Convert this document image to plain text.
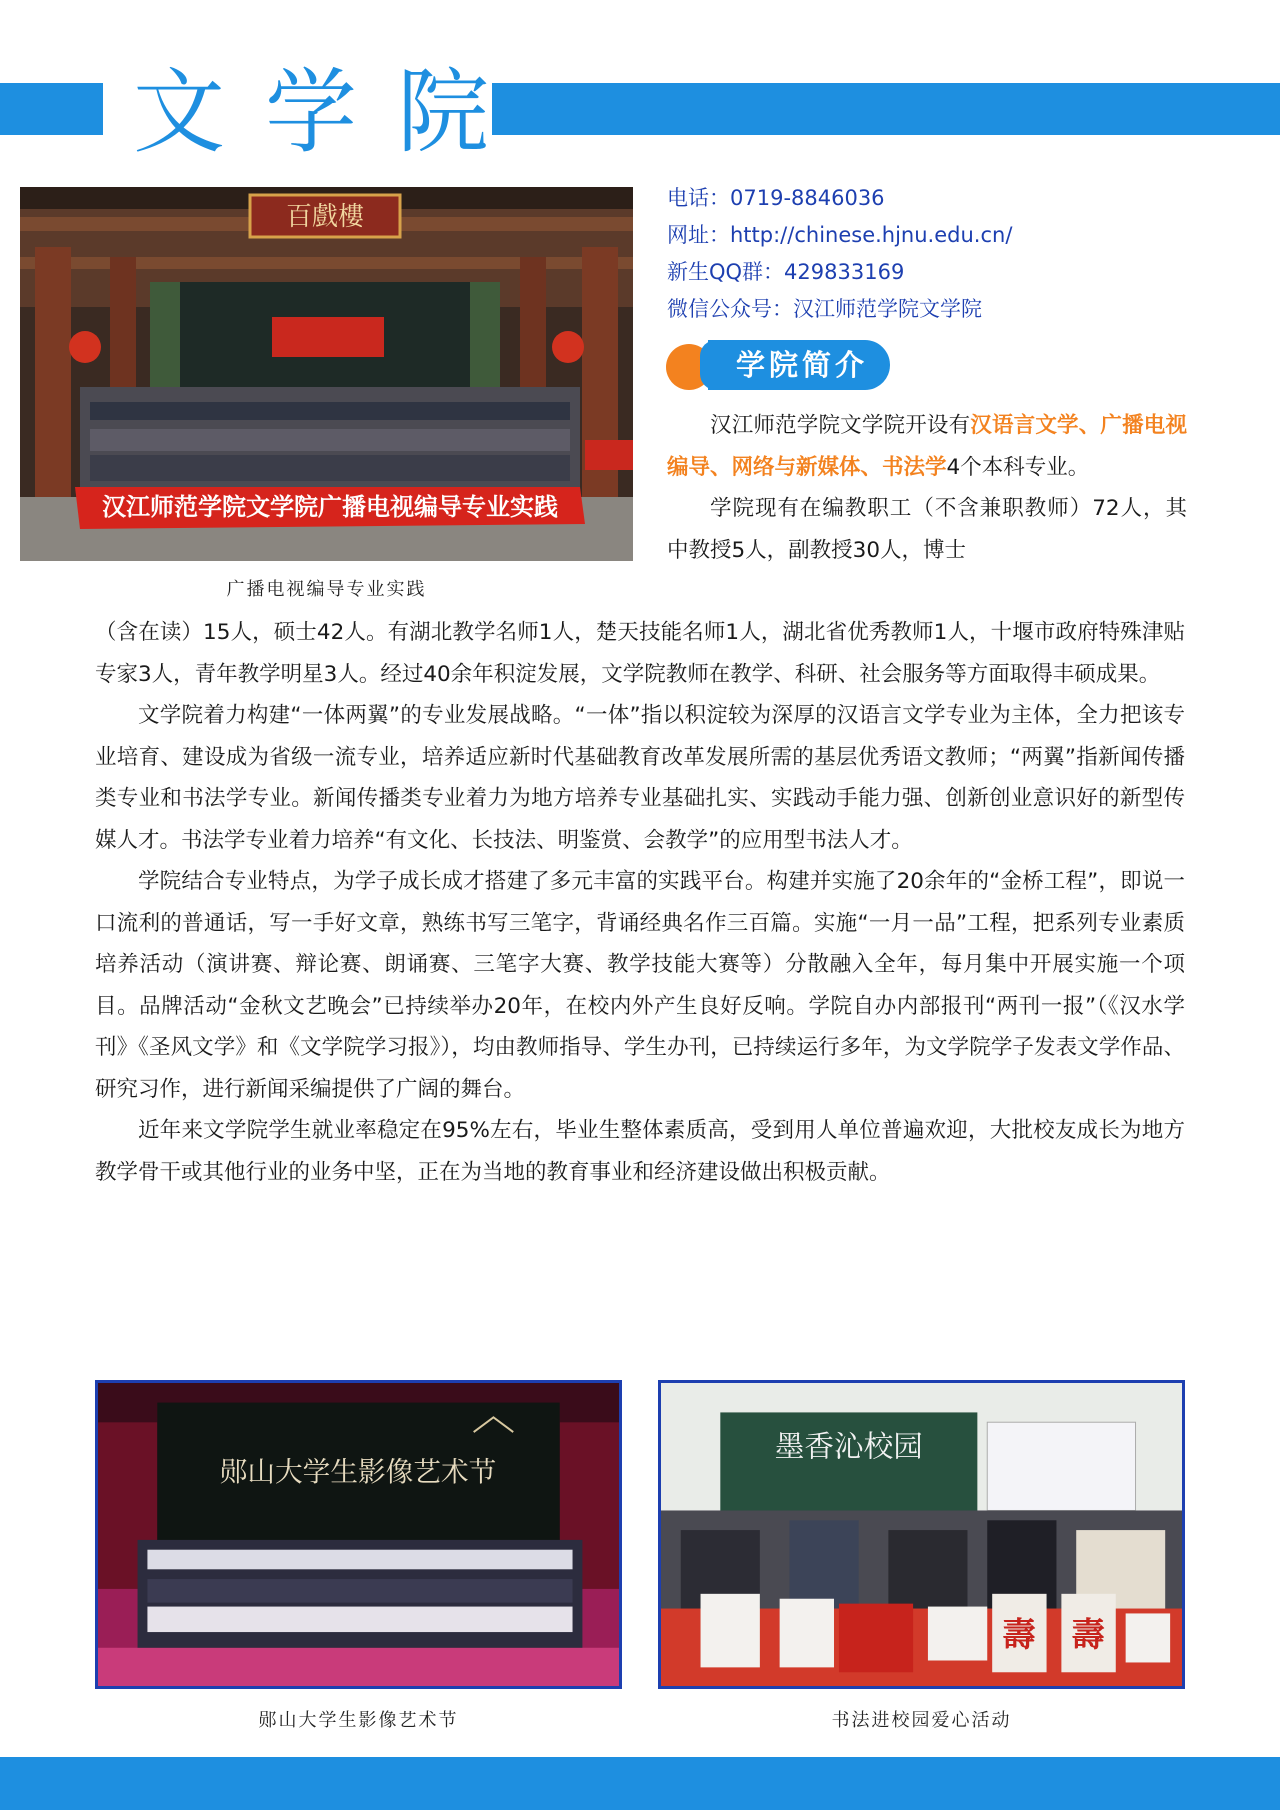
文学院
百戲樓
汉江师范学院文学院广播电视编导专业实践
广播电视编导专业实践
电话：0719-8846036
网址：http://chinese.hjnu.edu.cn/
新生QQ群：429833169
微信公众号：汉江师范学院文学院
学院简介

汉江师范学院文学院开设有汉语言文学、广播电视编导、网络与新媒体、书法学4个本科专业。

学院现有在编教职工（不含兼职教师）72人，其中教授5人，副教授30人，博士

（含在读）15人，硕士42人。有湖北教学名师1人，楚天技能名师1人，湖北省优秀教师1人，十堰市政府特殊津贴专家3人，青年教学明星3人。经过40余年积淀发展，文学院教师在教学、科研、社会服务等方面取得丰硕成果。

文学院着力构建“一体两翼”的专业发展战略。“一体”指以积淀较为深厚的汉语言文学专业为主体，全力把该专业培育、建设成为省级一流专业，培养适应新时代基础教育改革发展所需的基层优秀语文教师；“两翼”指新闻传播类专业和书法学专业。新闻传播类专业着力为地方培养专业基础扎实、实践动手能力强、创新创业意识好的新型传媒人才。书法学专业着力培养“有文化、长技法、明鉴赏、会教学”的应用型书法人才。

学院结合专业特点，为学子成长成才搭建了多元丰富的实践平台。构建并实施了20余年的“金桥工程”，即说一口流利的普通话，写一手好文章，熟练书写三笔字，背诵经典名作三百篇。实施“一月一品”工程，把系列专业素质培养活动（演讲赛、辩论赛、朗诵赛、三笔字大赛、教学技能大赛等）分散融入全年，每月集中开展实施一个项目。品牌活动“金秋文艺晚会”已持续举办20年，在校内外产生良好反响。学院自办内部报刊“两刊一报”（《汉水学刊》《圣风文学》和《文学院学习报》），均由教师指导、学生办刊，已持续运行多年，为文学院学子发表文学作品、研究习作，进行新闻采编提供了广阔的舞台。

近年来文学院学生就业率稳定在95%左右，毕业生整体素质高，受到用人单位普遍欢迎，大批校友成长为地方教学骨干或其他行业的业务中坚，正在为当地的教育事业和经济建设做出积极贡献。

郧山大学生影像艺术节
郧山大学生影像艺术节
墨香沁校园
壽 壽
书法进校园爱心活动
